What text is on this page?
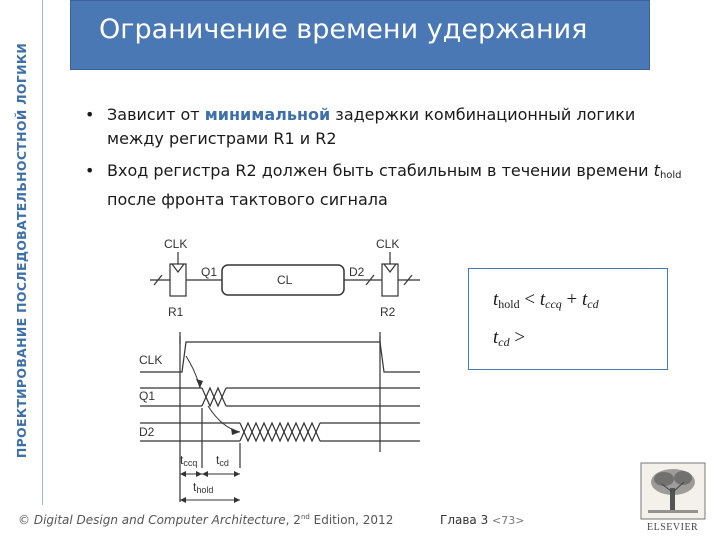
ПРОЕКТИРОВАНИЕ ПОСЛЕДОВАТЕЛЬНОСТНОЙ ЛОГИКИ
Ограничение времени удержания
• Зависит от минимальной задержки комбинационный логики между регистрами R1 и R2
• Вход регистра R2 должен быть стабильным в течении времени $t_{hold}$ после фронта тактового сигнала
CLK	CLK
Q1	D2
CL
R1	R2
CLK
Q1
D2
tccq tcd
thold
thold < tccq + tcd
tcd >
© Digital Design and Computer Architecture, 2nd Edition, 2012	Глава 3 <73>
ELSEVIER
